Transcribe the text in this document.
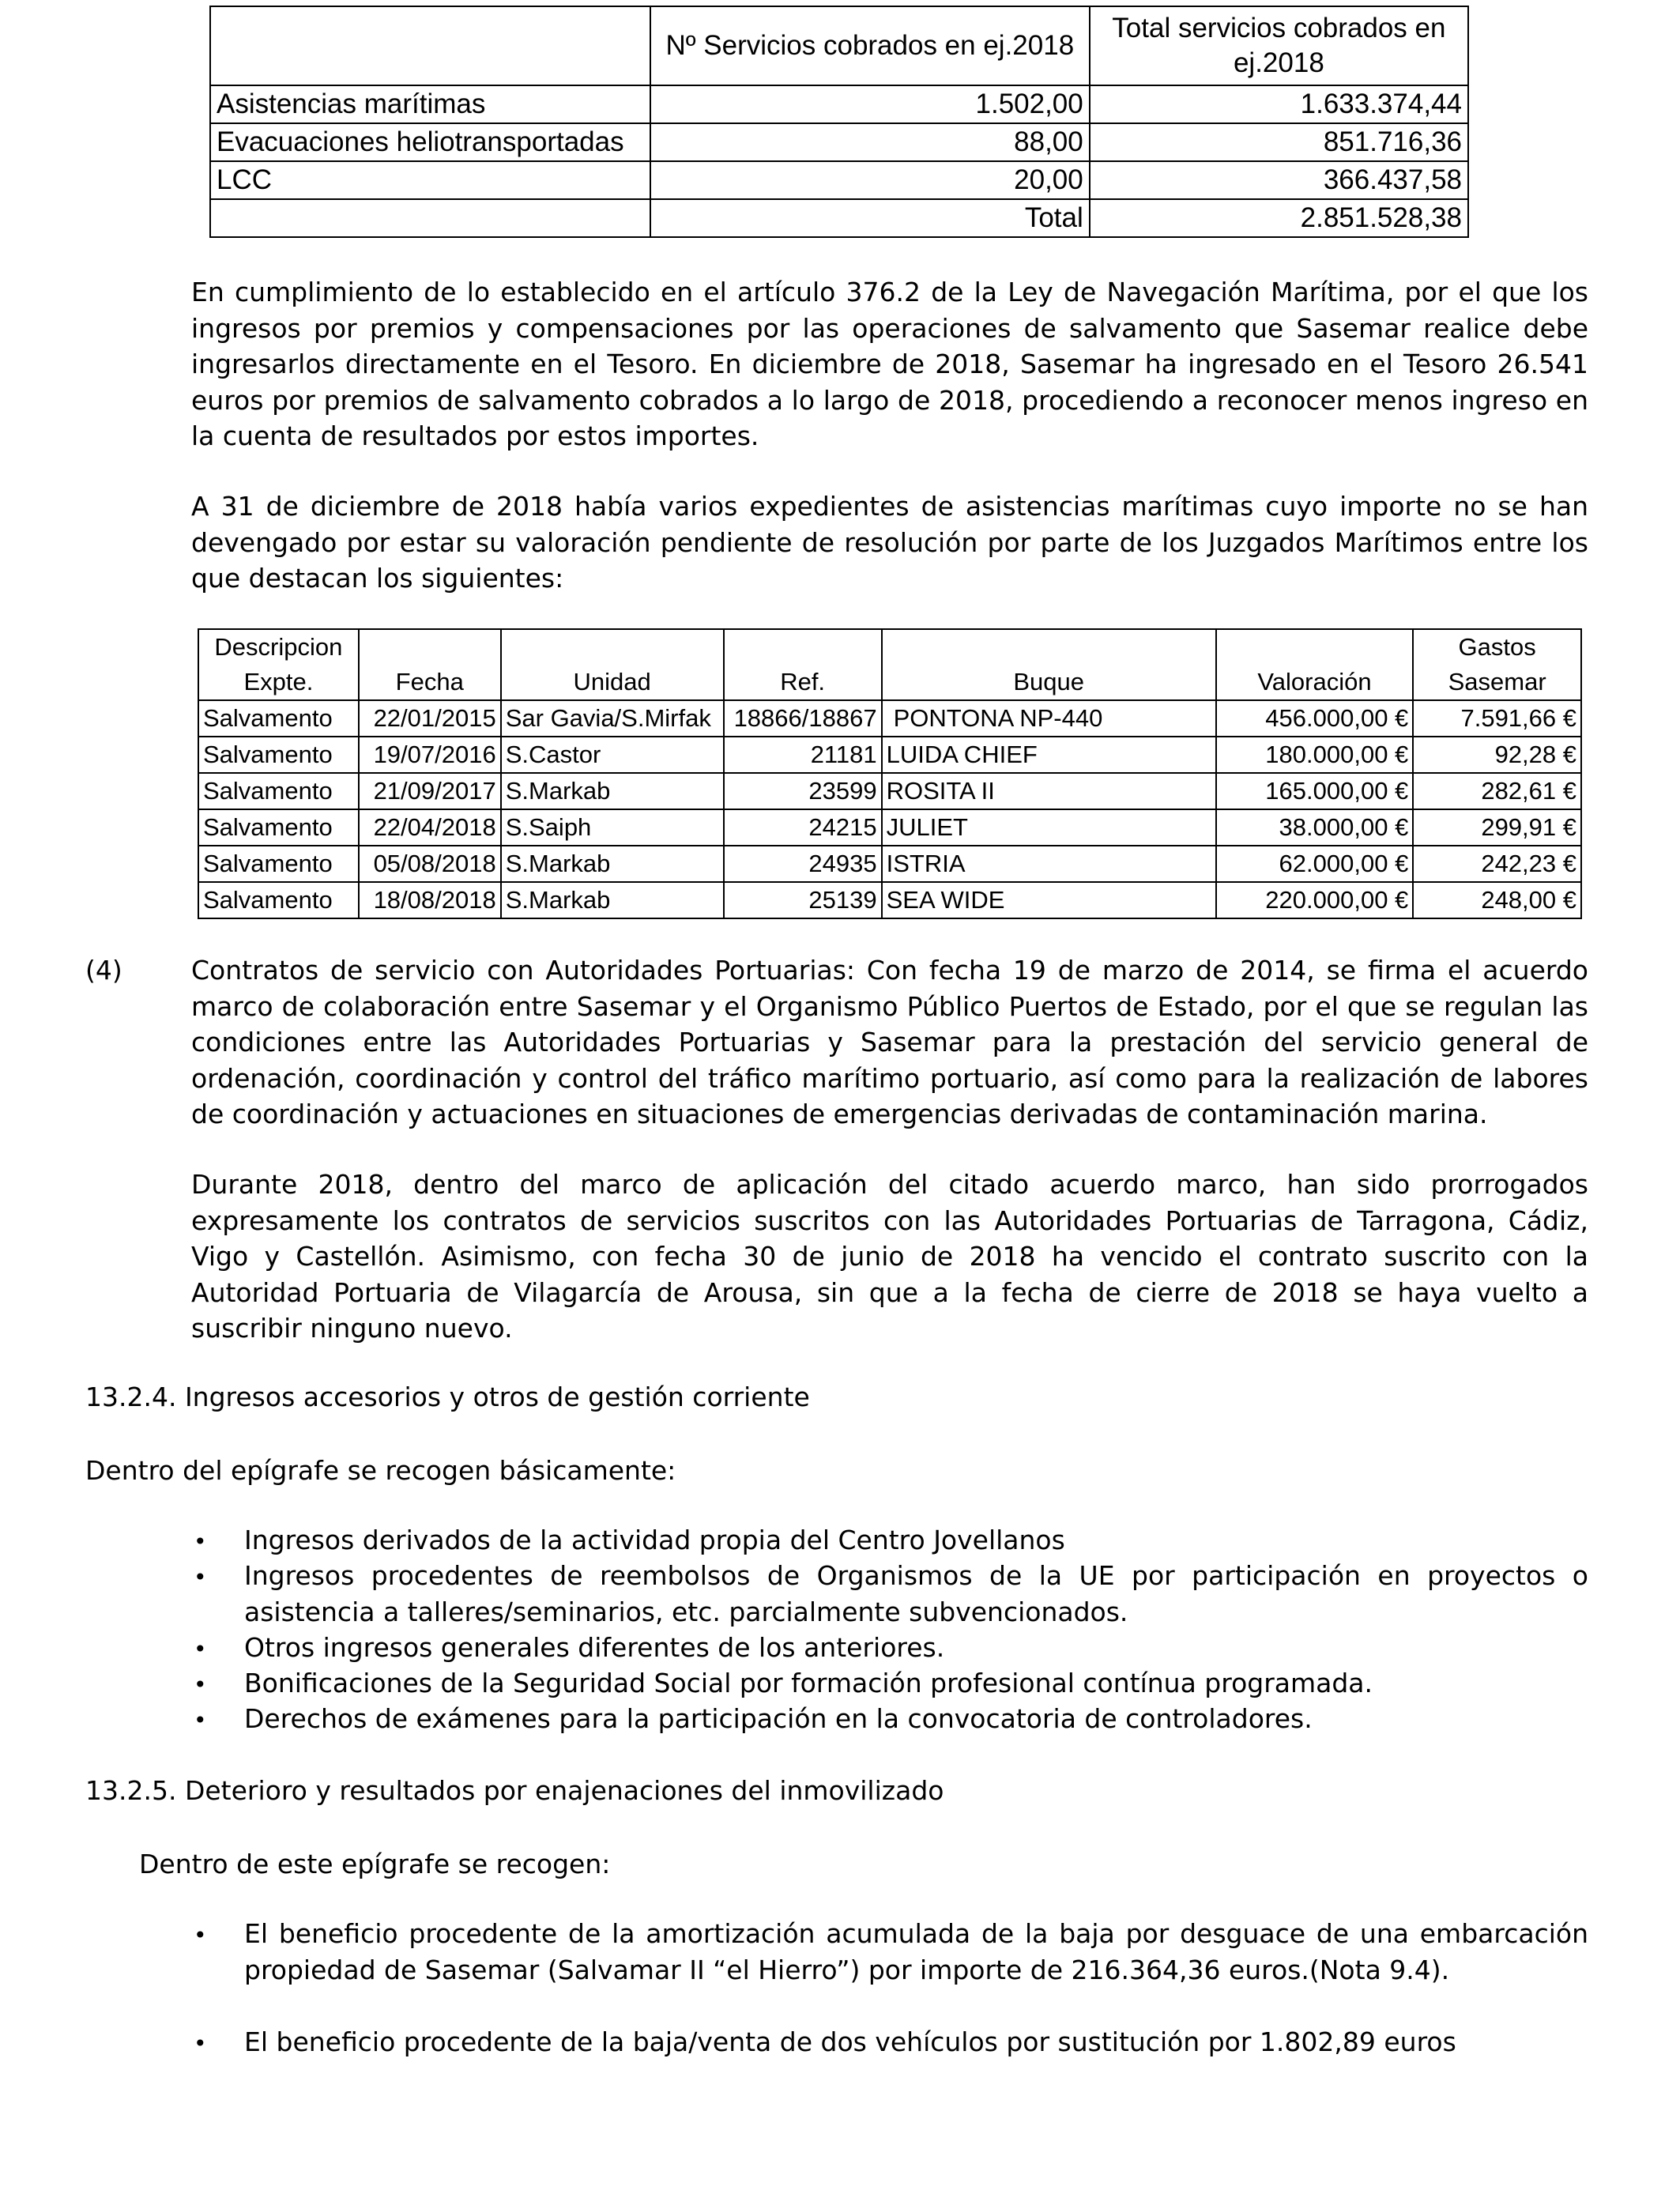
	Nº Servicios cobrados en ej.2018	Total servicios cobrados en ej.2018
Asistencias marítimas	1.502,00	1.633.374,44
Evacuaciones heliotransportadas	88,00	851.716,36
LCC	20,00	366.437,58
	Total	2.851.528,38
En cumplimiento de lo establecido en el artículo 376.2 de la Ley de Navegación Marítima, por el que los ingresos por premios y compensaciones por las operaciones de salvamento que Sasemar realice debe ingresarlos directamente en el Tesoro. En diciembre de 2018, Sasemar ha ingresado en el Tesoro 26.541 euros por premios de salvamento cobrados a lo largo de 2018, procediendo a reconocer menos ingreso en la cuenta de resultados por estos importes.
A 31 de diciembre de 2018 había varios expedientes de asistencias marítimas cuyo importe no se han devengado por estar su valoración pendiente de resolución por parte de los Juzgados Marítimos entre los que destacan los siguientes:
Descripcion Expte.	Fecha	Unidad	Ref.	Buque	Valoración	Gastos Sasemar
Salvamento	22/01/2015	Sar Gavia/S.Mirfak	18866/18867	PONTONA NP-440	456.000,00 €	7.591,66 €
Salvamento	19/07/2016	S.Castor	21181	LUIDA CHIEF	180.000,00 €	92,28 €
Salvamento	21/09/2017	S.Markab	23599	ROSITA II	165.000,00 €	282,61 €
Salvamento	22/04/2018	S.Saiph	24215	JULIET	38.000,00 €	299,91 €
Salvamento	05/08/2018	S.Markab	24935	ISTRIA	62.000,00 €	242,23 €
Salvamento	18/08/2018	S.Markab	25139	SEA WIDE	220.000,00 €	248,00 €
(4)	Contratos de servicio con Autoridades Portuarias: Con fecha 19 de marzo de 2014, se firma el acuerdo marco de colaboración entre Sasemar y el Organismo Público Puertos de Estado, por el que se regulan las condiciones entre las Autoridades Portuarias y Sasemar para la prestación del servicio general de ordenación, coordinación y control del tráfico marítimo portuario, así como para la realización de labores de coordinación y actuaciones en situaciones de emergencias derivadas de contaminación marina.
Durante 2018, dentro del marco de aplicación del citado acuerdo marco, han sido prorrogados expresamente los contratos de servicios suscritos con las Autoridades Portuarias de Tarragona, Cádiz, Vigo y Castellón. Asimismo, con fecha 30 de junio de 2018 ha vencido el contrato suscrito con la Autoridad Portuaria de Vilagarcía de Arousa, sin que a la fecha de cierre de 2018 se haya vuelto a suscribir ninguno nuevo.
13.2.4. Ingresos accesorios y otros de gestión corriente
Dentro del epígrafe se recogen básicamente:
• Ingresos derivados de la actividad propia del Centro Jovellanos
• Ingresos procedentes de reembolsos de Organismos de la UE por participación en proyectos o asistencia a talleres/seminarios, etc. parcialmente subvencionados.
• Otros ingresos generales diferentes de los anteriores.
• Bonificaciones de la Seguridad Social por formación profesional contínua programada.
• Derechos de exámenes para la participación en la convocatoria de controladores.
13.2.5. Deterioro y resultados por enajenaciones del inmovilizado
Dentro de este epígrafe se recogen:
• El beneficio procedente de la amortización acumulada de la baja por desguace de una embarcación propiedad de Sasemar (Salvamar II “el Hierro”) por importe de 216.364,36 euros.(Nota 9.4).
• El beneficio procedente de la baja/venta de dos vehículos por sustitución por 1.802,89 euros
